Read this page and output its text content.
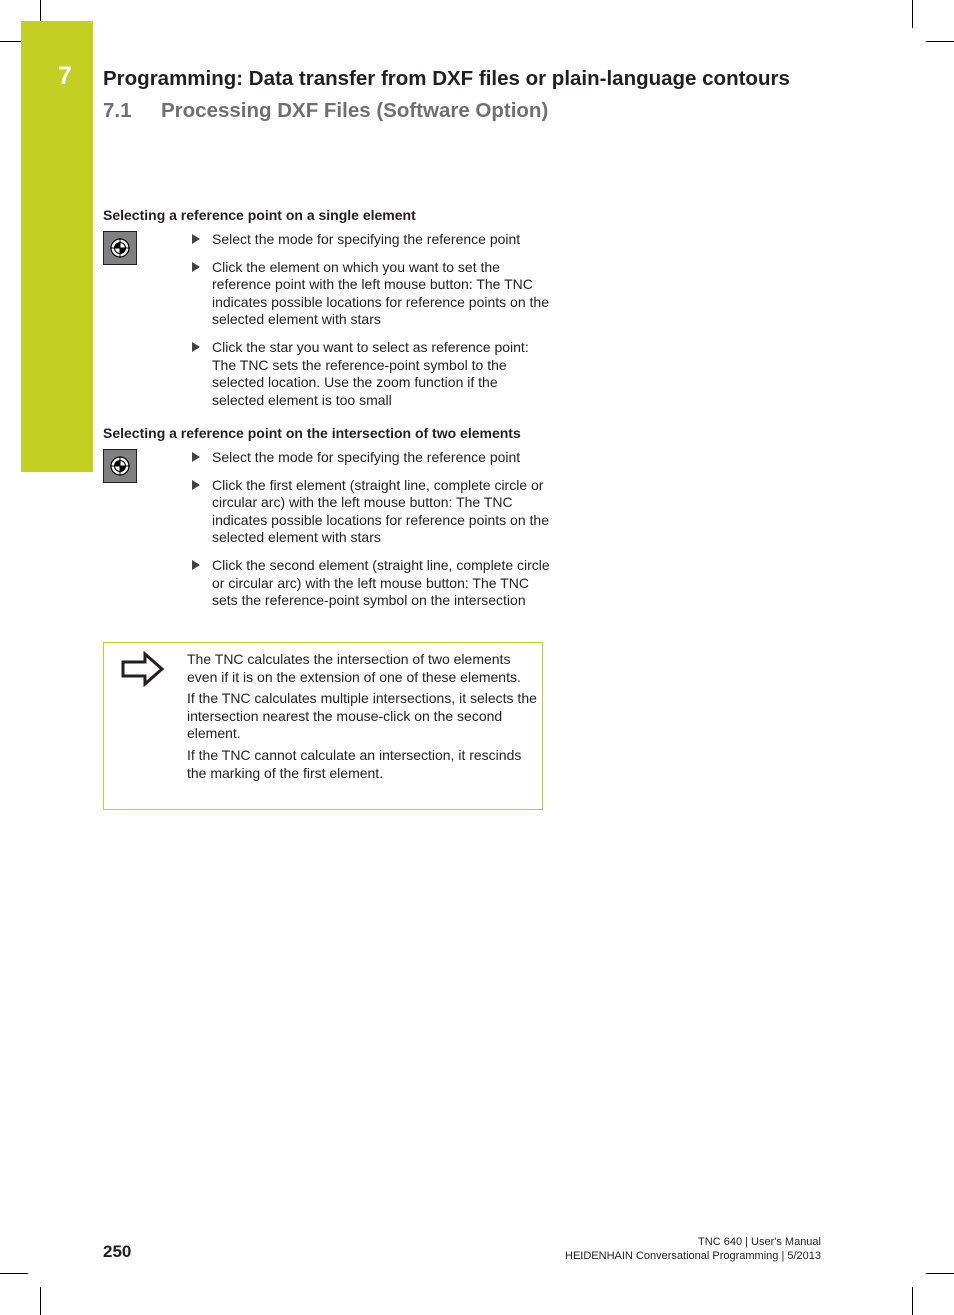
7 Programming: Data transfer from DXF files or plain-language contours
7.1 Processing DXF Files (Software Option)
Selecting a reference point on a single element
Select the mode for specifying the reference point
Click the element on which you want to set the reference point with the left mouse button: The TNC indicates possible locations for reference points on the selected element with stars
Click the star you want to select as reference point: The TNC sets the reference-point symbol to the selected location. Use the zoom function if the selected element is too small
Selecting a reference point on the intersection of two elements
Select the mode for specifying the reference point
Click the first element (straight line, complete circle or circular arc) with the left mouse button: The TNC indicates possible locations for reference points on the selected element with stars
Click the second element (straight line, complete circle or circular arc) with the left mouse button: The TNC sets the reference-point symbol on the intersection

The TNC calculates the intersection of two elements even if it is on the extension of one of these elements.

If the TNC calculates multiple intersections, it selects the intersection nearest the mouse-click on the second element.

If the TNC cannot calculate an intersection, it rescinds the marking of the first element.

250	TNC 640 | User's Manual
HEIDENHAIN Conversational Programming | 5/2013
